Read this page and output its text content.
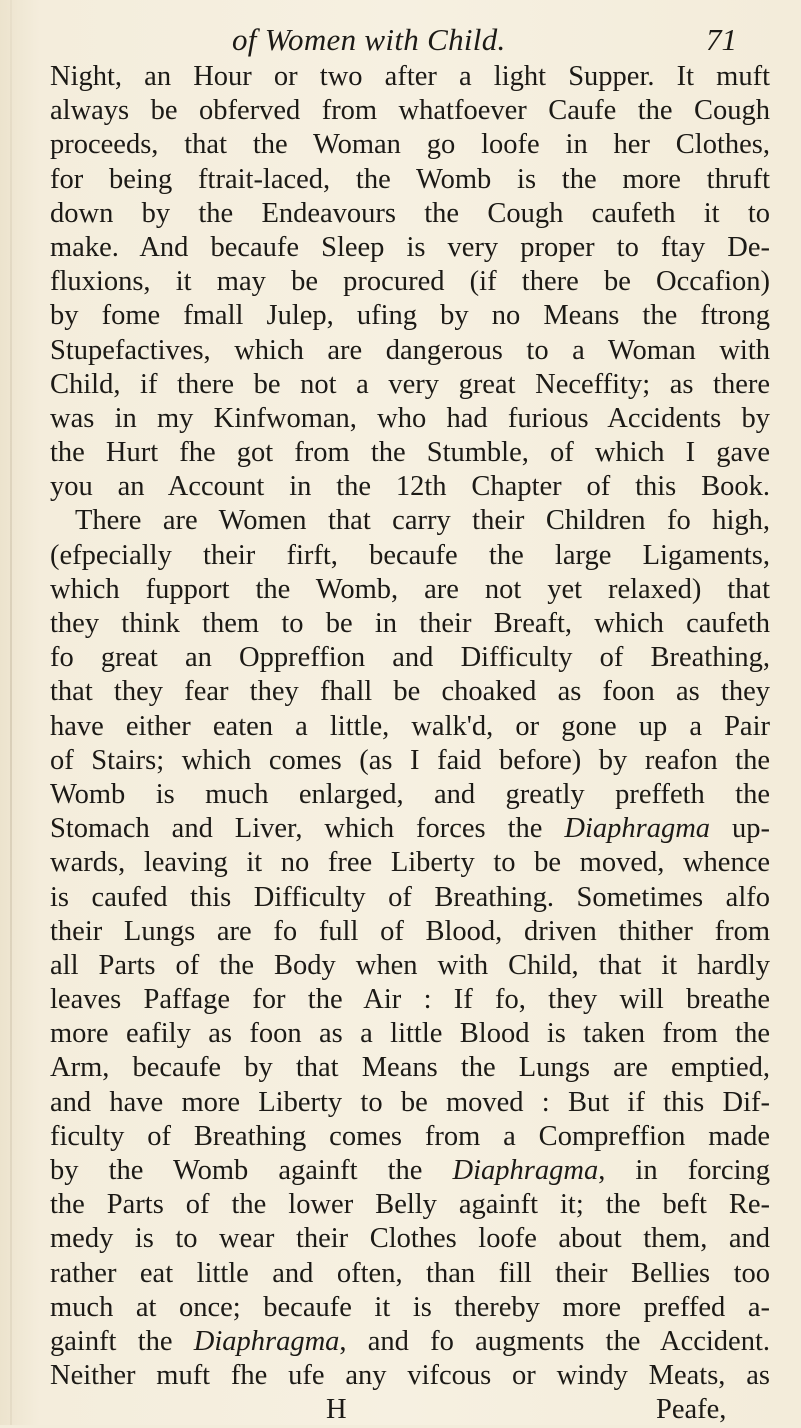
of Women with Child.	71
Night, an Hour or two after a light Supper. It muft
always be obferved from whatfoever Caufe the Cough
proceeds, that the Woman go loofe in her Clothes,
for being ftrait-laced, the Womb is the more thruft
down by the Endeavours the Cough caufeth it to
make. And becaufe Sleep is very proper to ftay De-
fluxions, it may be procured (if there be Occafion)
by fome fmall Julep, ufing by no Means the ftrong
Stupefactives, which are dangerous to a Woman with
Child, if there be not a very great Neceffity; as there
was in my Kinfwoman, who had furious Accidents by
the Hurt fhe got from the Stumble, of which I gave
you an Account in the 12th Chapter of this Book.
There are Women that carry their Children fo high,
(efpecially their firft, becaufe the large Ligaments,
which fupport the Womb, are not yet relaxed) that
they think them to be in their Breaft, which caufeth
fo great an Oppreffion and Difficulty of Breathing,
that they fear they fhall be choaked as foon as they
have either eaten a little, walk'd, or gone up a Pair
of Stairs; which comes (as I faid before) by reafon the
Womb is much enlarged, and greatly preffeth the
Stomach and Liver, which forces the Diaphragma up-
wards, leaving it no free Liberty to be moved, whence
is caufed this Difficulty of Breathing. Sometimes alfo
their Lungs are fo full of Blood, driven thither from
all Parts of the Body when with Child, that it hardly
leaves Paffage for the Air : If fo, they will breathe
more eafily as foon as a little Blood is taken from the
Arm, becaufe by that Means the Lungs are emptied,
and have more Liberty to be moved : But if this Dif-
ficulty of Breathing comes from a Compreffion made
by the Womb againft the Diaphragma, in forcing
the Parts of the lower Belly againft it; the beft Re-
medy is to wear their Clothes loofe about them, and
rather eat little and often, than fill their Bellies too
much at once; becaufe it is thereby more preffed a-
gainft the Diaphragma, and fo augments the Accident.
Neither muft fhe ufe any vifcous or windy Meats, as
H	Peafe,
